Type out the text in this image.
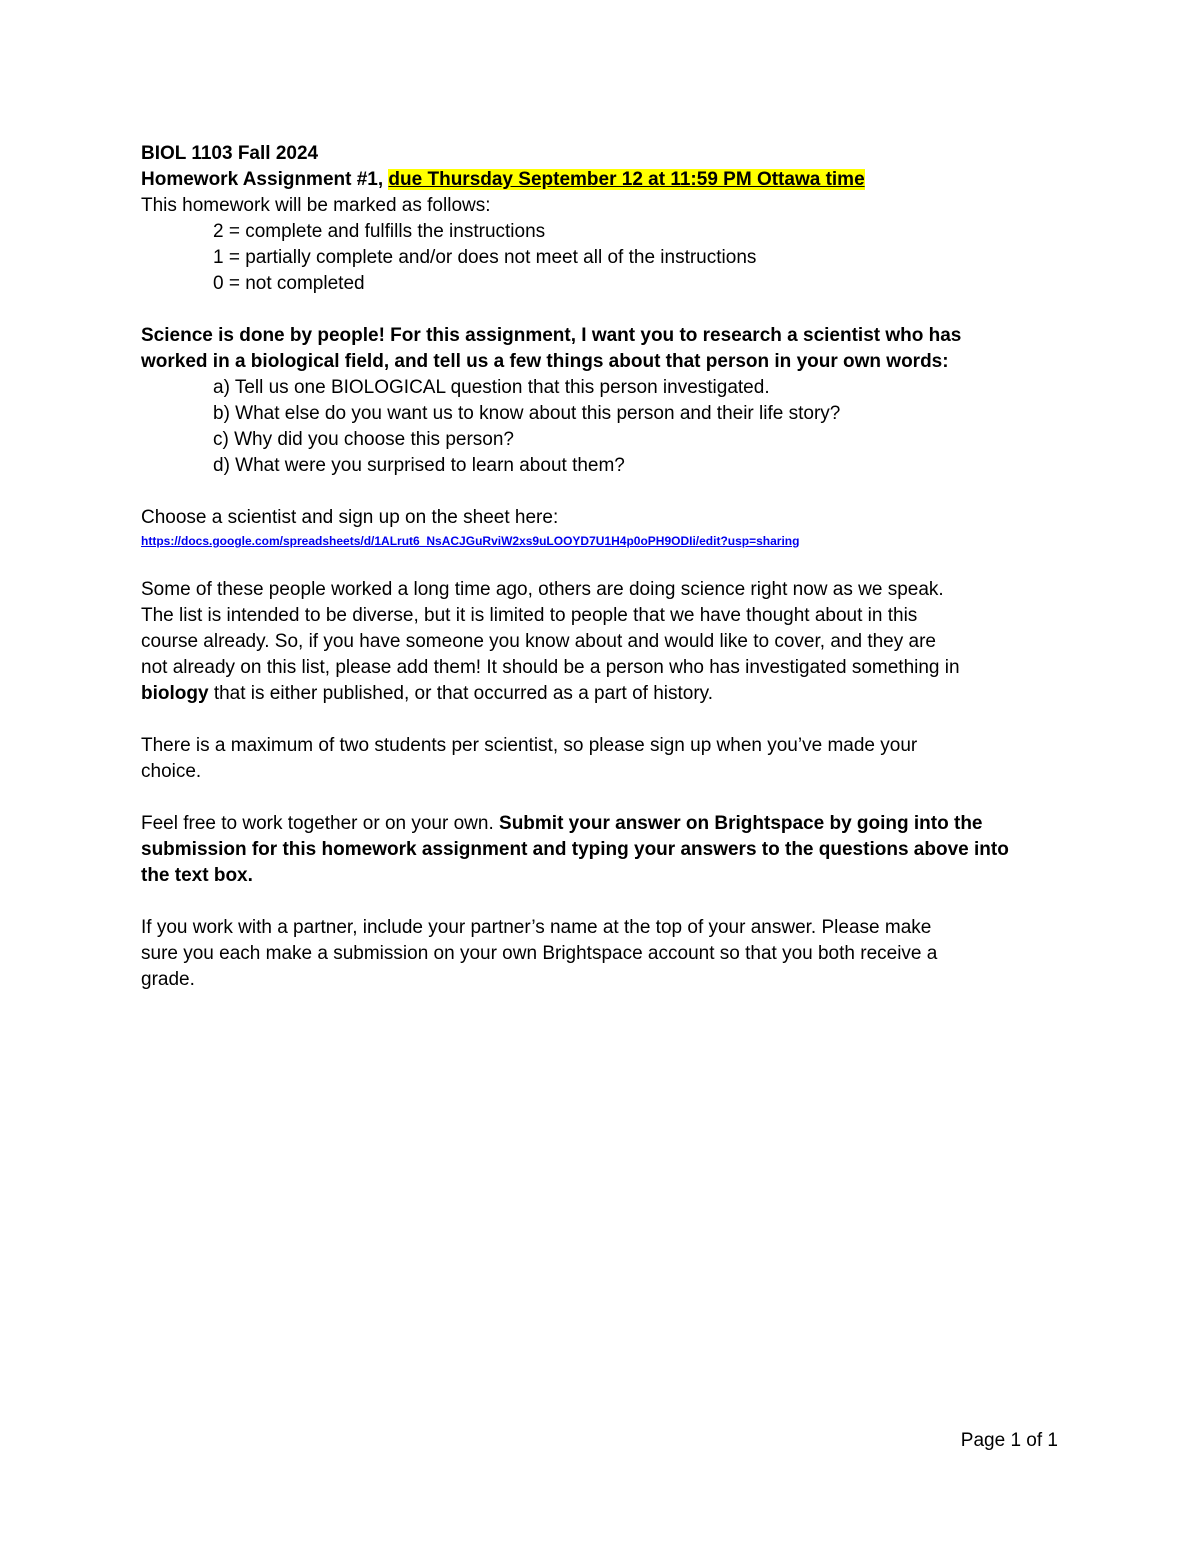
BIOL 1103 Fall 2024
Homework Assignment #1, due Thursday September 12 at 11:59 PM Ottawa time
This homework will be marked as follows:
2 = complete and fulfills the instructions
1 = partially complete and/or does not meet all of the instructions
0 = not completed
Science is done by people! For this assignment, I want you to research a scientist who has
worked in a biological field, and tell us a few things about that person in your own words:
a) Tell us one BIOLOGICAL question that this person investigated.
b) What else do you want us to know about this person and their life story?
c) Why did you choose this person?
d) What were you surprised to learn about them?
Choose a scientist and sign up on the sheet here:
https://docs.google.com/spreadsheets/d/1ALrut6_NsACJGuRviW2xs9uLOOYD7U1H4p0oPH9ODIi/edit?usp=sharing
Some of these people worked a long time ago, others are doing science right now as we speak.
The list is intended to be diverse, but it is limited to people that we have thought about in this
course already. So, if you have someone you know about and would like to cover, and they are
not already on this list, please add them! It should be a person who has investigated something in
biology that is either published, or that occurred as a part of history.
There is a maximum of two students per scientist, so please sign up when you’ve made your
choice.
Feel free to work together or on your own. Submit your answer on Brightspace by going into the
submission for this homework assignment and typing your answers to the questions above into
the text box.
If you work with a partner, include your partner’s name at the top of your answer. Please make
sure you each make a submission on your own Brightspace account so that you both receive a
grade.
Page 1 of 1
